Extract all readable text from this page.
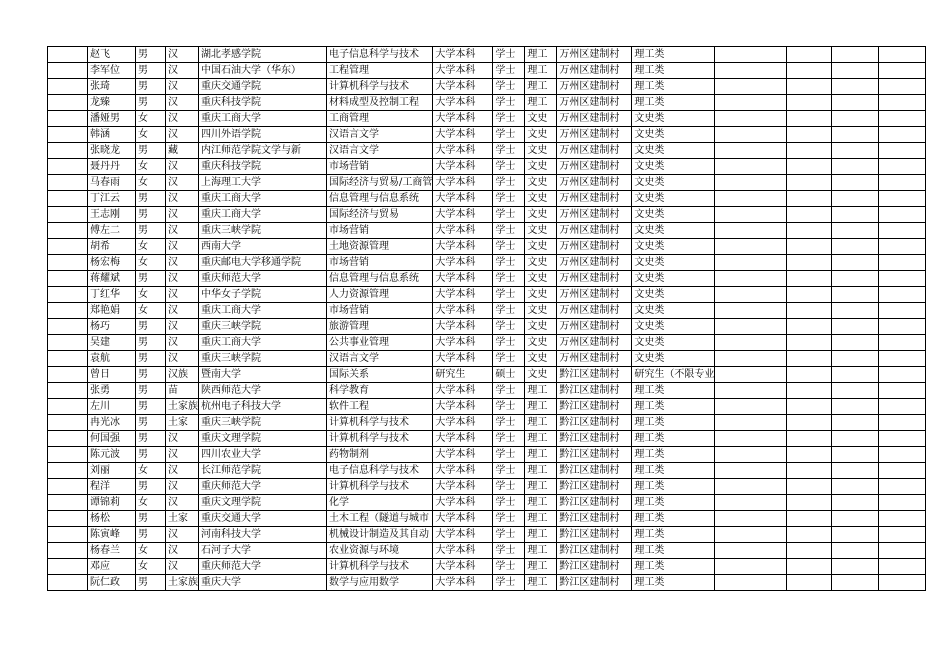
	赵飞	男	汉	湖北孝感学院	电子信息科学与技术	大学本科	学士	理工	万州区建制村	理工类				
	李军位	男	汉	中国石油大学（华东）	工程管理	大学本科	学士	理工	万州区建制村	理工类				
	张琦	男	汉	重庆交通学院	计算机科学与技术	大学本科	学士	理工	万州区建制村	理工类				
	龙臻	男	汉	重庆科技学院	材料成型及控制工程	大学本科	学士	理工	万州区建制村	理工类				
	潘娅男	女	汉	重庆工商大学	工商管理	大学本科	学士	文史	万州区建制村	文史类				
	韩涵	女	汉	四川外语学院	汉语言文学	大学本科	学士	文史	万州区建制村	文史类				
	张晓龙	男	藏	内江师范学院文学与新	汉语言文学	大学本科	学士	文史	万州区建制村	文史类				
	聂丹丹	女	汉	重庆科技学院	市场营销	大学本科	学士	文史	万州区建制村	文史类				
	马春雨	女	汉	上海理工大学	国际经济与贸易/工商管	大学本科	学士	文史	万州区建制村	文史类				
	丁江云	男	汉	重庆工商大学	信息管理与信息系统	大学本科	学士	文史	万州区建制村	文史类				
	王志刚	男	汉	重庆工商大学	国际经济与贸易	大学本科	学士	文史	万州区建制村	文史类				
	傅左二	男	汉	重庆三峡学院	市场营销	大学本科	学士	文史	万州区建制村	文史类				
	胡希	女	汉	西南大学	土地资源管理	大学本科	学士	文史	万州区建制村	文史类				
	杨宏梅	女	汉	重庆邮电大学移通学院	市场营销	大学本科	学士	文史	万州区建制村	文史类				
	蒋耀斌	男	汉	重庆师范大学	信息管理与信息系统	大学本科	学士	文史	万州区建制村	文史类				
	丁红华	女	汉	中华女子学院	人力资源管理	大学本科	学士	文史	万州区建制村	文史类				
	郑艳娟	女	汉	重庆工商大学	市场营销	大学本科	学士	文史	万州区建制村	文史类				
	杨巧	男	汉	重庆三峡学院	旅游管理	大学本科	学士	文史	万州区建制村	文史类				
	吴建	男	汉	重庆工商大学	公共事业管理	大学本科	学士	文史	万州区建制村	文史类				
	袁航	男	汉	重庆三峡学院	汉语言文学	大学本科	学士	文史	万州区建制村	文史类				
	曾日	男	汉族	暨南大学	国际关系	研究生	硕士	文史	黔江区建制村	研究生（不限专业				
	张勇	男	苗	陕西师范大学	科学教育	大学本科	学士	理工	黔江区建制村	理工类				
	左川	男	土家族	杭州电子科技大学	软件工程	大学本科	学士	理工	黔江区建制村	理工类				
	冉光冰	男	土家	重庆三峡学院	计算机科学与技术	大学本科	学士	理工	黔江区建制村	理工类				
	何国强	男	汉	重庆文理学院	计算机科学与技术	大学本科	学士	理工	黔江区建制村	理工类				
	陈元波	男	汉	四川农业大学	药物制剂	大学本科	学士	理工	黔江区建制村	理工类				
	刘丽	女	汉	长江师范学院	电子信息科学与技术	大学本科	学士	理工	黔江区建制村	理工类				
	程洋	男	汉	重庆师范大学	计算机科学与技术	大学本科	学士	理工	黔江区建制村	理工类				
	谭锦莉	女	汉	重庆文理学院	化学	大学本科	学士	理工	黔江区建制村	理工类				
	杨松	男	土家	重庆交通大学	土木工程（隧道与城市	大学本科	学士	理工	黔江区建制村	理工类				
	陈寅峰	男	汉	河南科技大学	机械设计制造及其自动	大学本科	学士	理工	黔江区建制村	理工类				
	杨春兰	女	汉	石河子大学	农业资源与环境	大学本科	学士	理工	黔江区建制村	理工类				
	邓应	女	汉	重庆师范大学	计算机科学与技术	大学本科	学士	理工	黔江区建制村	理工类				
	阮仁政	男	土家族	重庆大学	数学与应用数学	大学本科	学士	理工	黔江区建制村	理工类				
